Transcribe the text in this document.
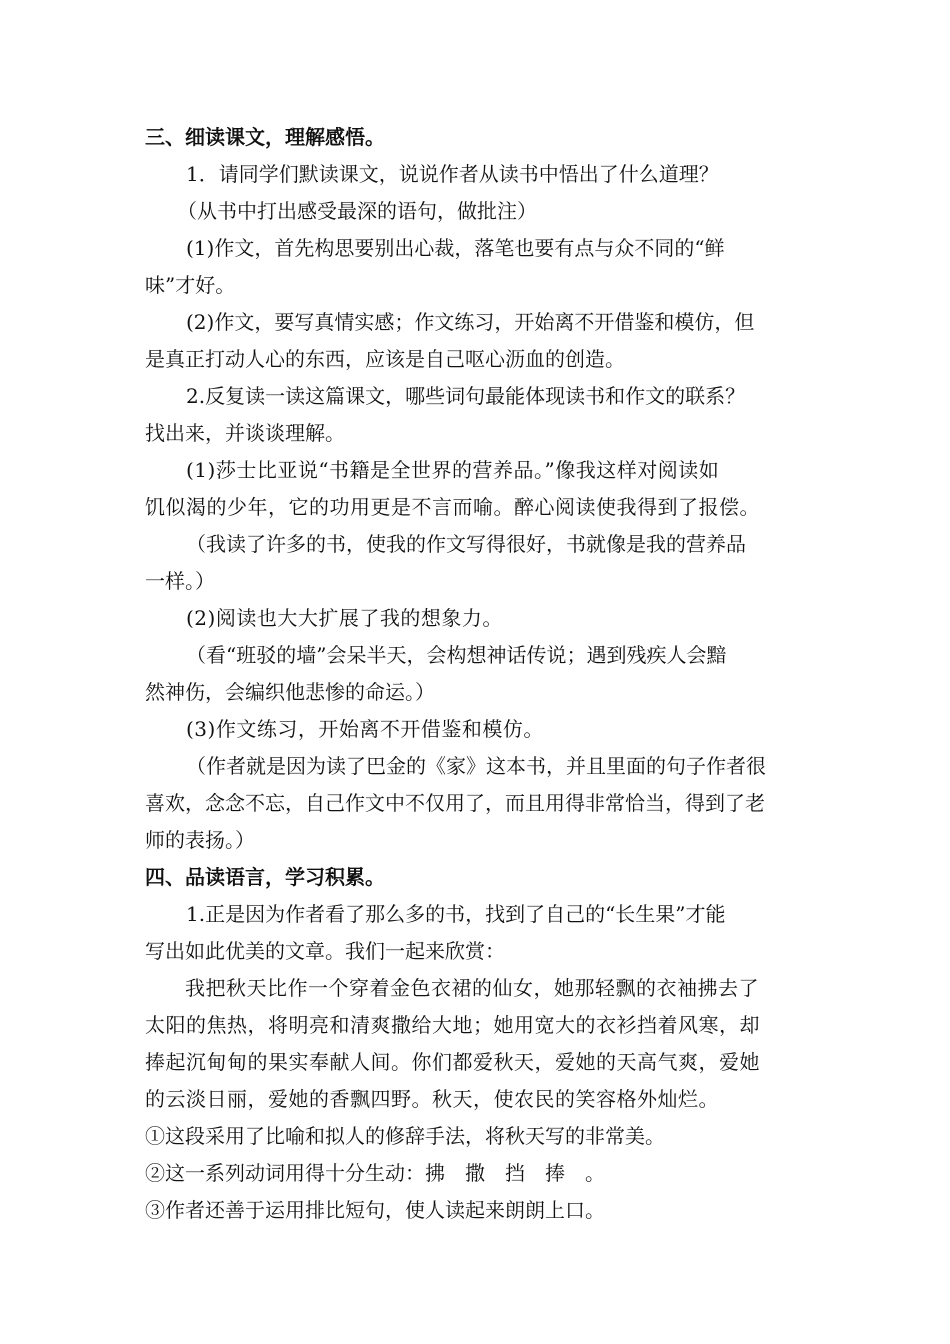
三、细读课文，理解感悟。
1．请同学们默读课文，说说作者从读书中悟出了什么道理？
（从书中打出感受最深的语句，做批注）
(1)作文，首先构思要别出心裁，落笔也要有点与众不同的“鲜
味”才好。
(2)作文，要写真情实感；作文练习，开始离不开借鉴和模仿，但
是真正打动人心的东西，应该是自己呕心沥血的创造。
2.反复读一读这篇课文，哪些词句最能体现读书和作文的联系？
找出来，并谈谈理解。
(1)莎士比亚说“书籍是全世界的营养品。”像我这样对阅读如
饥似渴的少年，它的功用更是不言而喻。醉心阅读使我得到了报偿。
（我读了许多的书，使我的作文写得很好，书就像是我的营养品
一样。）
(2)阅读也大大扩展了我的想象力。
（看“班驳的墙”会呆半天，会构想神话传说；遇到残疾人会黯
然神伤，会编织他悲惨的命运。）
(3)作文练习，开始离不开借鉴和模仿。
（作者就是因为读了巴金的《家》这本书，并且里面的句子作者很
喜欢，念念不忘，自己作文中不仅用了，而且用得非常恰当，得到了老
师的表扬。）
四、品读语言，学习积累。
1.正是因为作者看了那么多的书，找到了自己的“长生果”才能
写出如此优美的文章。我们一起来欣赏：
我把秋天比作一个穿着金色衣裙的仙女，她那轻飘的衣袖拂去了
太阳的焦热，将明亮和清爽撒给大地；她用宽大的衣衫挡着风寒，却
捧起沉甸甸的果实奉献人间。你们都爱秋天，爱她的天高气爽，爱她
的云淡日丽，爱她的香飘四野。秋天，使农民的笑容格外灿烂。
①这段采用了比喻和拟人的修辞手法，将秋天写的非常美。
②这一系列动词用得十分生动：拂　撒　挡　捧　。
③作者还善于运用排比短句，使人读起来朗朗上口。
